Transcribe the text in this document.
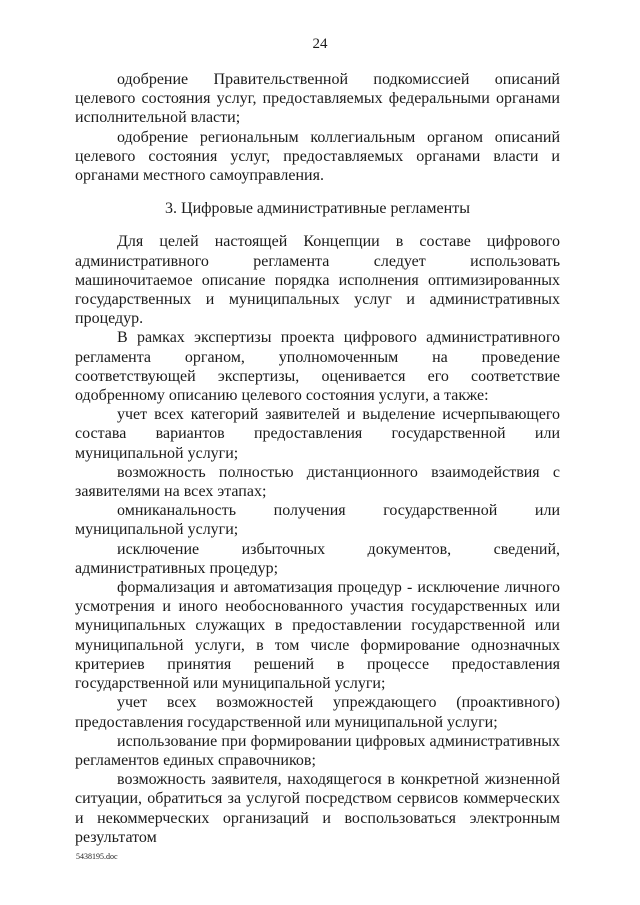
24

одобрение Правительственной подкомиссией описаний целевого состояния услуг, предоставляемых федеральными органами исполнительной власти;

одобрение региональным коллегиальным органом описаний целевого состояния услуг, предоставляемых органами власти и органами местного самоуправления.

3. Цифровые административные регламенты

Для целей настоящей Концепции в составе цифрового административного регламента следует использовать машиночитаемое описание порядка исполнения оптимизированных государственных и муниципальных услуг и административных процедур.

В рамках экспертизы проекта цифрового административного регламента органом, уполномоченным на проведение соответствующей экспертизы, оценивается его соответствие одобренному описанию целевого состояния услуги, а также:

учет всех категорий заявителей и выделение исчерпывающего состава вариантов предоставления государственной или муниципальной услуги;

возможность полностью дистанционного взаимодействия с заявителями на всех этапах;

омниканальность получения государственной или муниципальной услуги;

исключение избыточных документов, сведений, административных процедур;

формализация и автоматизация процедур - исключение личного усмотрения и иного необоснованного участия государственных или муниципальных служащих в предоставлении государственной или муниципальной услуги, в том числе формирование однозначных критериев принятия решений в процессе предоставления государственной или муниципальной услуги;

учет всех возможностей упреждающего (проактивного) предоставления государственной или муниципальной услуги;

использование при формировании цифровых административных регламентов единых справочников;

возможность заявителя, находящегося в конкретной жизненной ситуации, обратиться за услугой посредством сервисов коммерческих и некоммерческих организаций и воспользоваться электронным результатом

5438195.doc
